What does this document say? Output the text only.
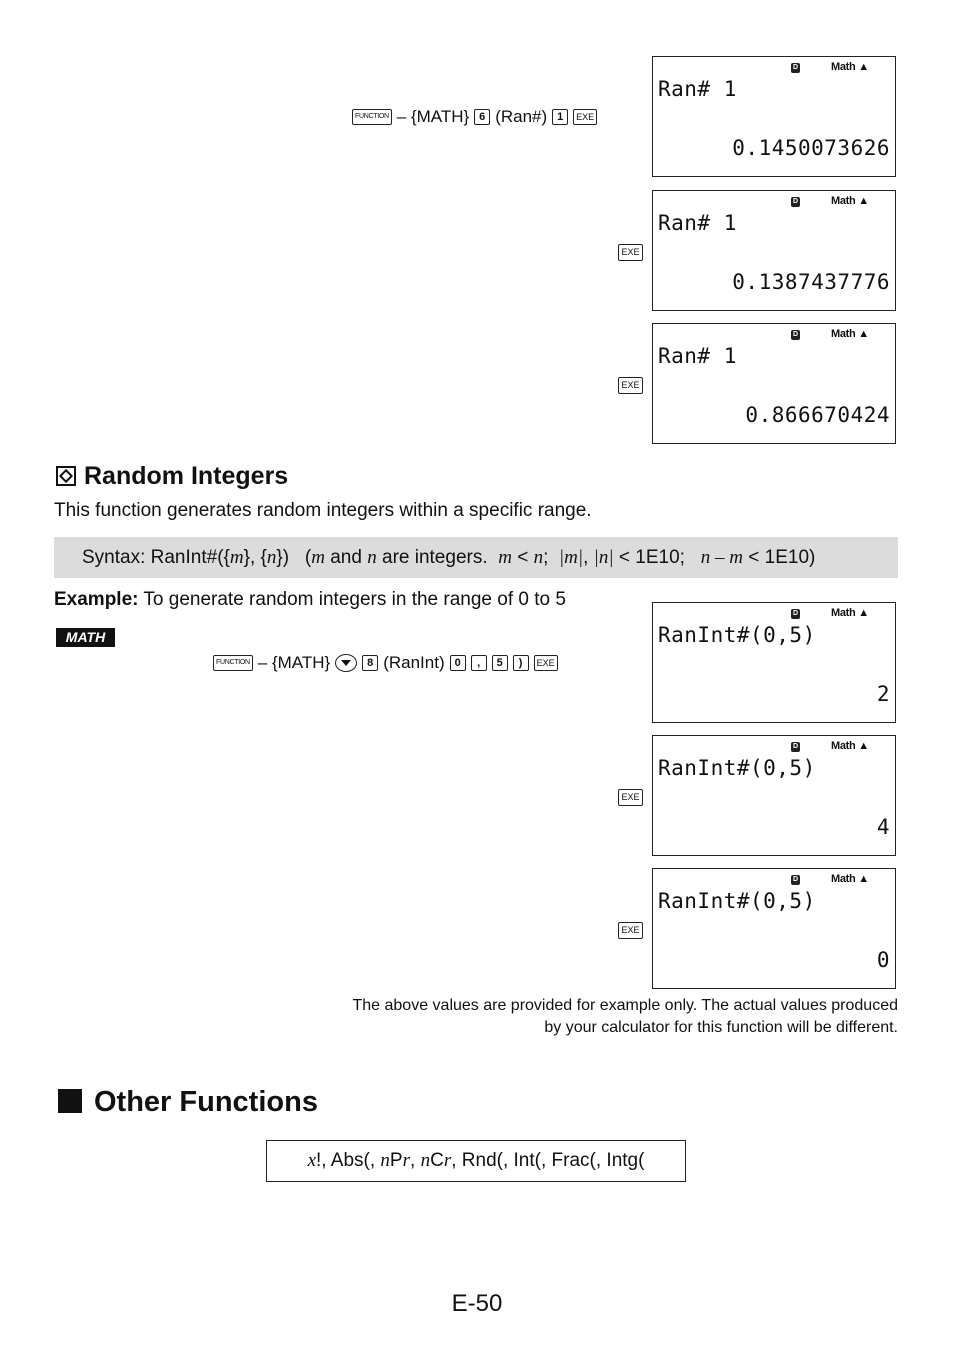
FUNCTION – {MATH} 6 (Ran#) 1	EXE
D	Math ▲
Ran# 1
0.1450073626
EXE
D	Math ▲
Ran# 1
0.1387437776
EXE
D	Math ▲
Ran# 1
0.866670424
Random Integers
This function generates random integers within a specific range.
Syntax: RanInt#({m}, {n}) (m and n are integers. m < n; |m|, |n| < 1E10; n – m < 1E10)
Example: To generate random integers in the range of 0 to 5
MATH
FUNCTION – {MATH}	8 (RanInt) 0	,	5	)	EXE
D	Math ▲
RanInt#(0,5)
2
EXE
D	Math ▲
RanInt#(0,5)
4
EXE
D	Math ▲
RanInt#(0,5)
0
The above values are provided for example only. The actual values produced
by your calculator for this function will be different.
Other Functions
x!, Abs(, nPr, nCr, Rnd(, Int(, Frac(, Intg(
E-50
